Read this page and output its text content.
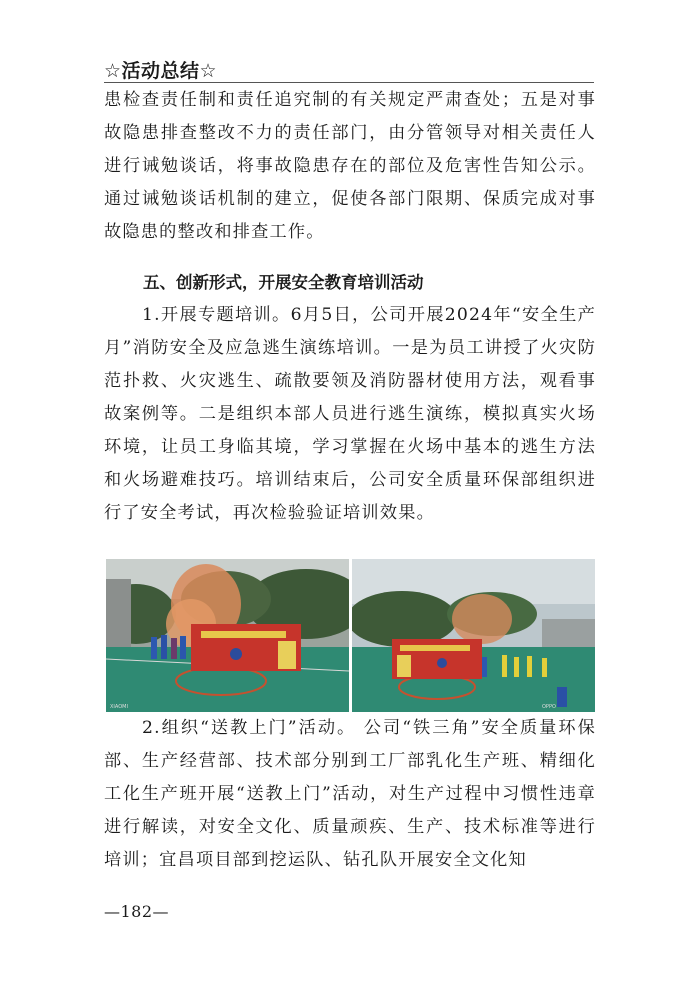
☆活动总结☆
患检查责任制和责任追究制的有关规定严肃查处；五是对事故隐患排查整改不力的责任部门，由分管领导对相关责任人进行诫勉谈话，将事故隐患存在的部位及危害性告知公示。通过诫勉谈话机制的建立，促使各部门限期、保质完成对事故隐患的整改和排查工作。
五、创新形式，开展安全教育培训活动
1.开展专题培训。6月5日，公司开展2024年“安全生产月”消防安全及应急逃生演练培训。一是为员工讲授了火灾防范扑救、火灾逃生、疏散要领及消防器材使用方法，观看事故案例等。二是组织本部人员进行逃生演练，模拟真实火场环境，让员工身临其境，学习掌握在火场中基本的逃生方法和火场避难技巧。培训结束后，公司安全质量环保部组织进行了安全考试，再次检验验证培训效果。
XIAOMI	OPPO
2.组织“送教上门”活动。 公司“铁三角”安全质量环保部、生产经营部、技术部分别到工厂部乳化生产班、精细化工化生产班开展“送教上门”活动，对生产过程中习惯性违章进行解读，对安全文化、质量顽疾、生产、技术标准等进行培训；宜昌项目部到挖运队、钻孔队开展安全文化知
—182—
